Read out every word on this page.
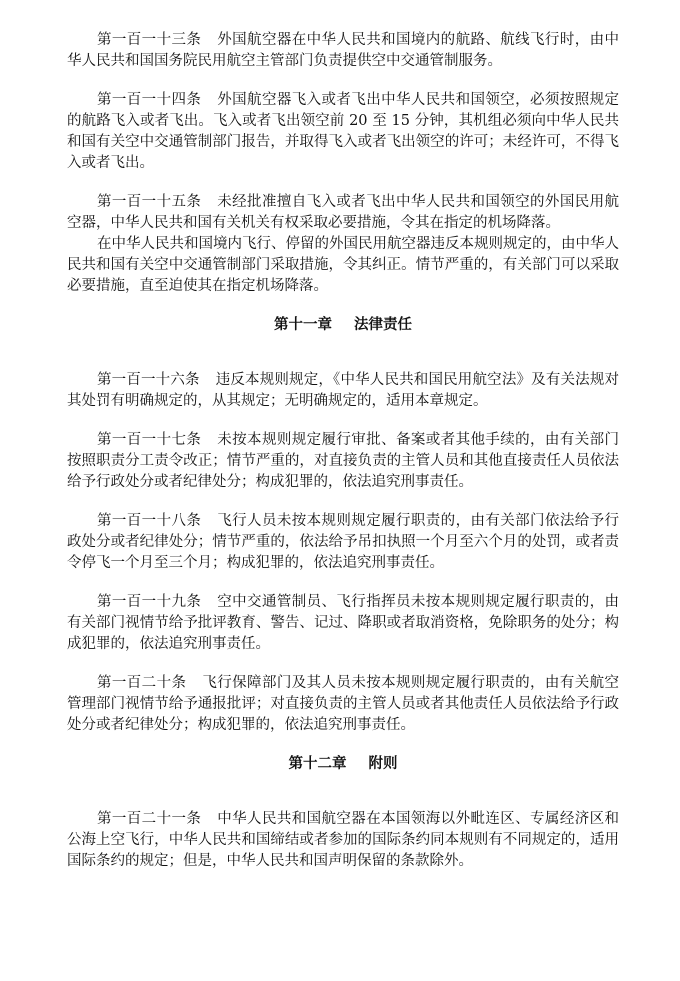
第一百一十三条 外国航空器在中华人民共和国境内的航路、航线飞行时，由中华人民共和国国务院民用航空主管部门负责提供空中交通管制服务。

第一百一十四条 外国航空器飞入或者飞出中华人民共和国领空，必须按照规定的航路飞入或者飞出。飞入或者飞出领空前 20 至 15 分钟，其机组必须向中华人民共和国有关空中交通管制部门报告，并取得飞入或者飞出领空的许可；未经许可，不得飞入或者飞出。

第一百一十五条 未经批准擅自飞入或者飞出中华人民共和国领空的外国民用航空器，中华人民共和国有关机关有权采取必要措施，令其在指定的机场降落。

在中华人民共和国境内飞行、停留的外国民用航空器违反本规则规定的，由中华人民共和国有关空中交通管制部门采取措施，令其纠正。情节严重的，有关部门可以采取必要措施，直至迫使其在指定机场降落。

第十一章 法律责任

第一百一十六条 违反本规则规定，《中华人民共和国民用航空法》及有关法规对其处罚有明确规定的，从其规定；无明确规定的，适用本章规定。

第一百一十七条 未按本规则规定履行审批、备案或者其他手续的，由有关部门按照职责分工责令改正；情节严重的，对直接负责的主管人员和其他直接责任人员依法给予行政处分或者纪律处分；构成犯罪的，依法追究刑事责任。

第一百一十八条 飞行人员未按本规则规定履行职责的，由有关部门依法给予行政处分或者纪律处分；情节严重的，依法给予吊扣执照一个月至六个月的处罚，或者责令停飞一个月至三个月；构成犯罪的，依法追究刑事责任。

第一百一十九条 空中交通管制员、飞行指挥员未按本规则规定履行职责的，由有关部门视情节给予批评教育、警告、记过、降职或者取消资格，免除职务的处分；构成犯罪的，依法追究刑事责任。

第一百二十条 飞行保障部门及其人员未按本规则规定履行职责的，由有关航空管理部门视情节给予通报批评；对直接负责的主管人员或者其他责任人员依法给予行政处分或者纪律处分；构成犯罪的，依法追究刑事责任。

第十二章 附则

第一百二十一条 中华人民共和国航空器在本国领海以外毗连区、专属经济区和公海上空飞行，中华人民共和国缔结或者参加的国际条约同本规则有不同规定的，适用国际条约的规定；但是，中华人民共和国声明保留的条款除外。
